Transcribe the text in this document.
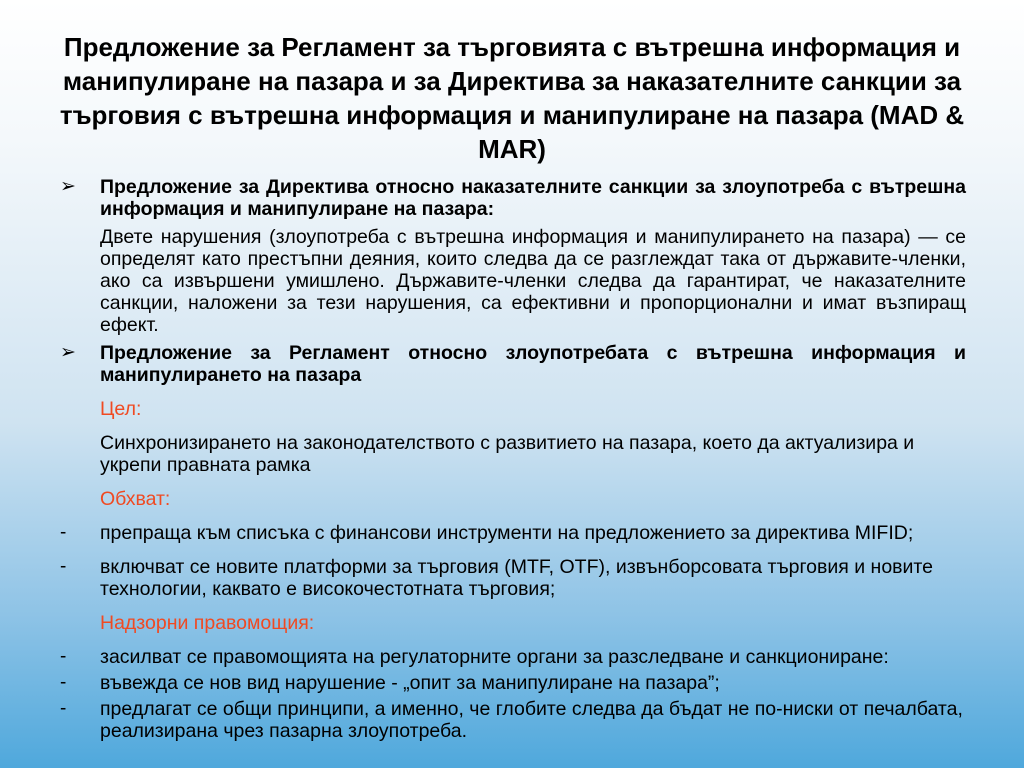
Предложение за Регламент за търговията с вътрешна информация и манипулиране на пазара и за Директива за наказателните санкции за търговия с вътрешна информация и манипулиране на пазара (MAD & MAR)
➢ Предложение за Директива относно наказателните санкции за злоупотреба с вътрешна информация и манипулиране на пазара:
Двете нарушения (злоупотреба с вътрешна информация и манипулирането на пазара) — се определят като престъпни деяния, които следва да се разглеждат така от държавите-членки, ако са извършени умишлено. Държавите-членки следва да гарантират, че наказателните санкции, наложени за тези нарушения, са ефективни и пропорционални и имат възпиращ ефект.
➢ Предложение за Регламент относно злоупотребата с вътрешна информация и манипулирането на пазара
Цел:
Синхронизирането на законодателството с развитието на пазара, което да актуализира и укрепи правната рамка
Обхват:
- препраща към списъка с финансови инструменти на предложението за директива MIFID;
- включват се новите платформи за търговия (MTF, OTF), извънборсовата търговия и новите технологии, каквато е високочестотната търговия;
Надзорни правомощия:
- засилват се правомощията на регулаторните органи за разследване и санкциониране:
- въвежда се нов вид нарушение - „опит за манипулиране на пазара”;
- предлагат се общи принципи, а именно, че глобите следва да бъдат не по-ниски от печалбата, реализирана чрез пазарна злоупотреба.
